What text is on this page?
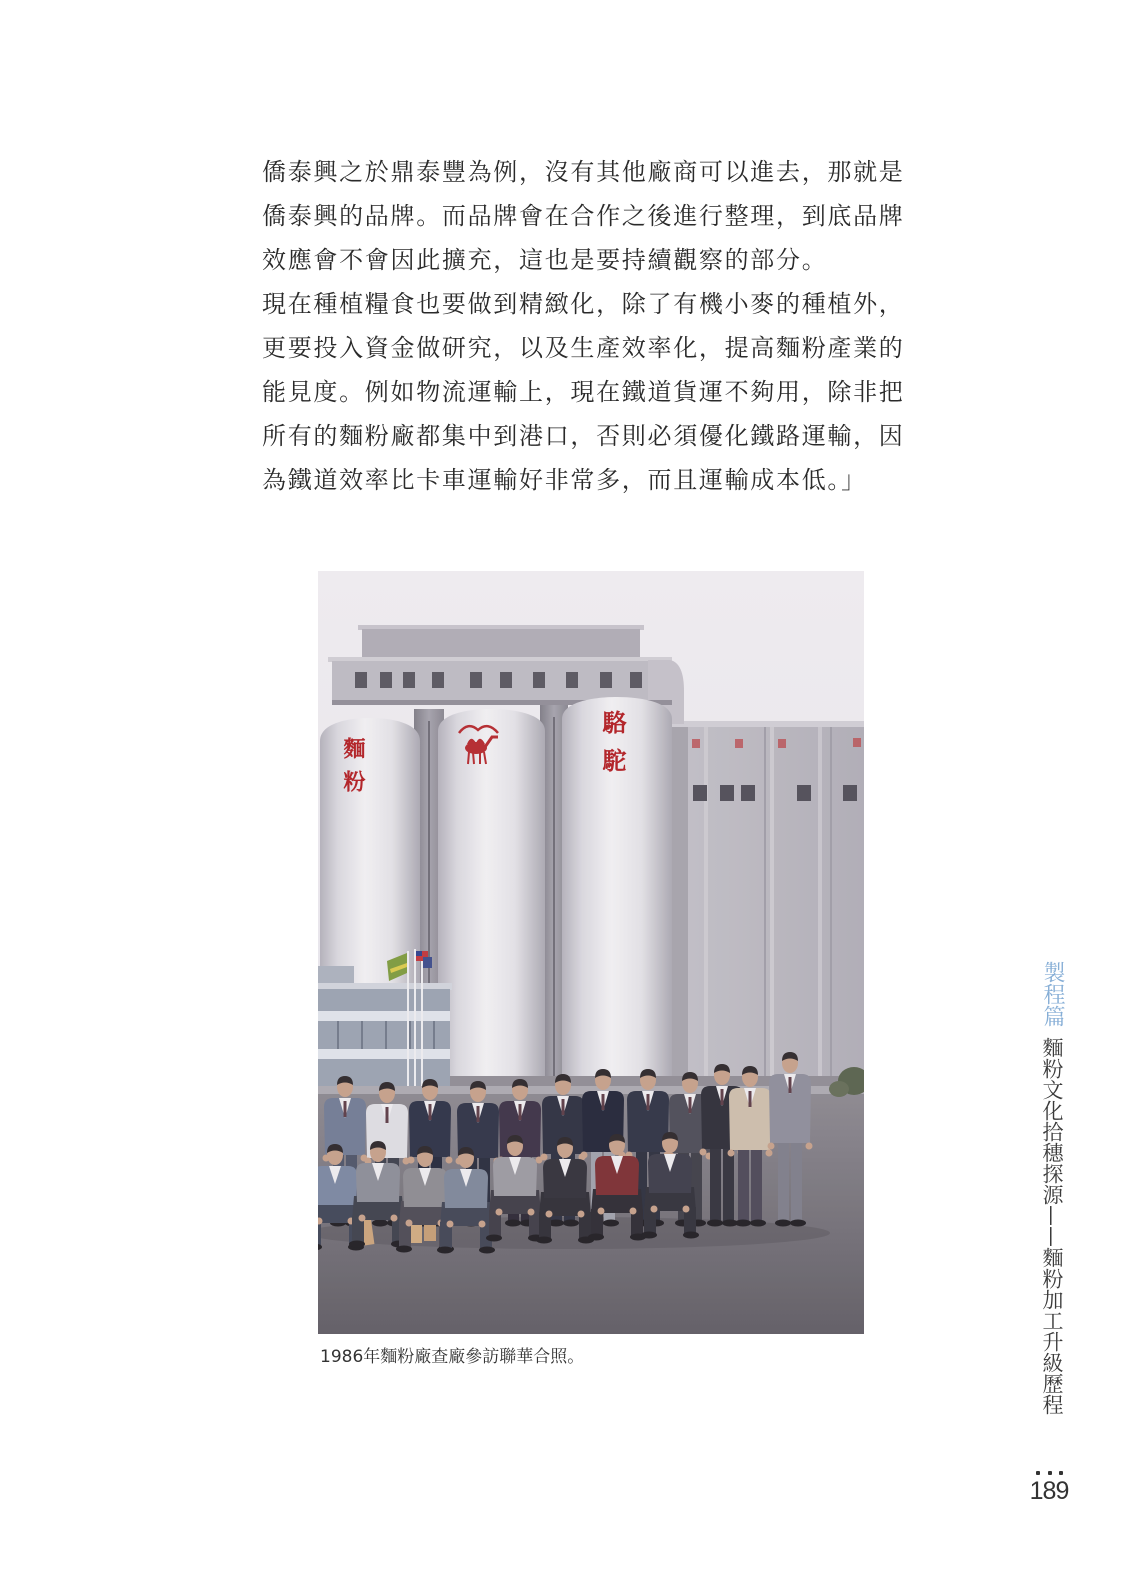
僑泰興之於鼎泰豐為例，沒有其他廠商可以進去，那就是
僑泰興的品牌。而品牌會在合作之後進行整理，到底品牌
效應會不會因此擴充，這也是要持續觀察的部分。
現在種植糧食也要做到精緻化，除了有機小麥的種植外，
更要投入資金做研究，以及生產效率化，提高麵粉產業的
能見度。例如物流運輸上，現在鐵道貨運不夠用，除非把
所有的麵粉廠都集中到港口，否則必須優化鐵路運輸，因
為鐵道效率比卡車運輸好非常多，而且運輸成本低。」
麵粉	駱駝
1986年麵粉廠查廠參訪聯華合照。
製程篇
麵粉文化拾穗探源——麵粉加工升級歷程
189
